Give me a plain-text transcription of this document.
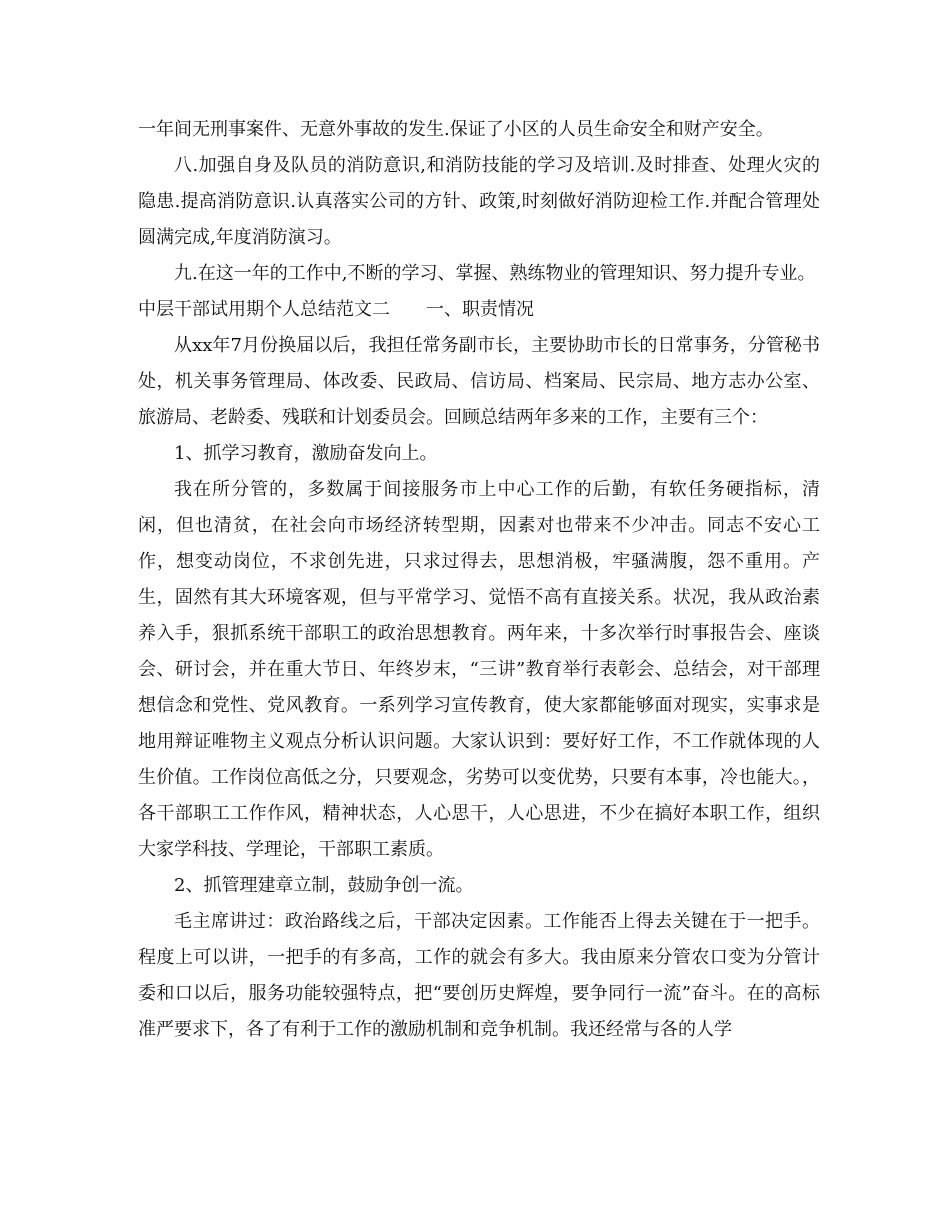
一年间无刑事案件、无意外事故的发生.保证了小区的人员生命安全和财产安全。

八.加强自身及队员的消防意识,和消防技能的学习及培训.及时排查、处理火灾的隐患.提高消防意识.认真落实公司的方针、政策,时刻做好消防迎检工作.并配合管理处圆满完成,年度消防演习。

九.在这一年的工作中,不断的学习、掌握、熟练物业的管理知识、努力提升专业。

中层干部试用期个人总结范文二　　一、职责情况

从xx年7月份换届以后，我担任常务副市长，主要协助市长的日常事务，分管秘书处，机关事务管理局、体改委、民政局、信访局、档案局、民宗局、地方志办公室、旅游局、老龄委、残联和计划委员会。回顾总结两年多来的工作，主要有三个：

1、抓学习教育，激励奋发向上。

我在所分管的，多数属于间接服务市上中心工作的后勤，有软任务硬指标，清闲，但也清贫，在社会向市场经济转型期，因素对也带来不少冲击。同志不安心工作，想变动岗位，不求创先进，只求过得去，思想消极，牢骚满腹，怨不重用。产生，固然有其大环境客观，但与平常学习、觉悟不高有直接关系。状况，我从政治素养入手，狠抓系统干部职工的政治思想教育。两年来，十多次举行时事报告会、座谈会、研讨会，并在重大节日、年终岁末，“三讲”教育举行表彰会、总结会，对干部理想信念和党性、党风教育。一系列学习宣传教育，使大家都能够面对现实，实事求是地用辩证唯物主义观点分析认识问题。大家认识到：要好好工作，不工作就体现的人生价值。工作岗位高低之分，只要观念，劣势可以变优势，只要有本事，冷也能大。，各干部职工工作作风，精神状态，人心思干，人心思进，不少在搞好本职工作，组织大家学科技、学理论，干部职工素质。

2、抓管理建章立制，鼓励争创一流。

毛主席讲过：政治路线之后，干部决定因素。工作能否上得去关键在于一把手。程度上可以讲，一把手的有多高，工作的就会有多大。我由原来分管农口变为分管计委和口以后，服务功能较强特点，把“要创历史辉煌，要争同行一流”奋斗。在的高标准严要求下，各了有利于工作的激励机制和竞争机制。我还经常与各的人学
